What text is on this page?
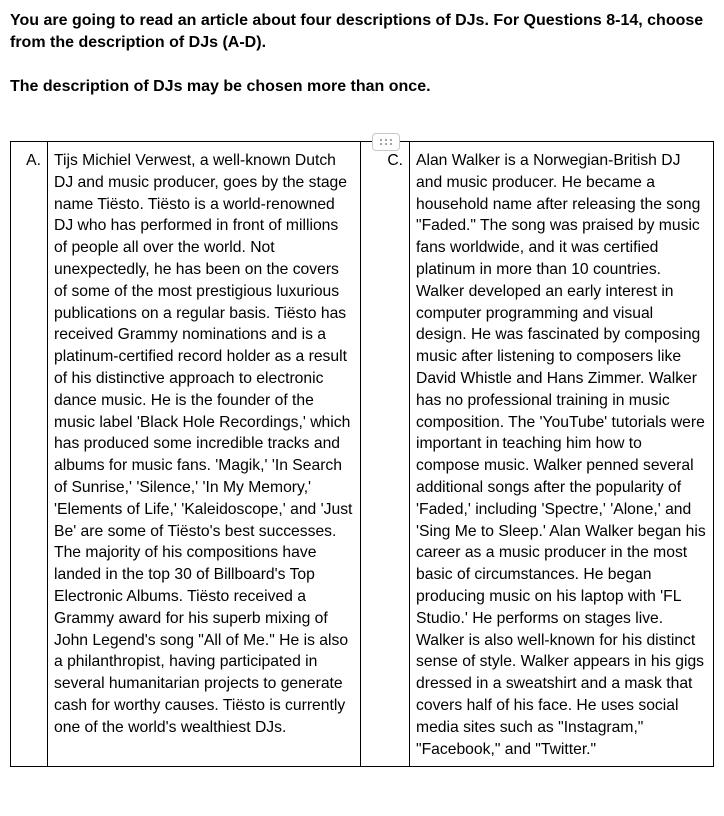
You are going to read an article about four descriptions of DJs. For Questions 8-14, choose from the description of DJs (A-D).

The description of DJs may be chosen more than once.

A.	Tijs Michiel Verwest, a well-known Dutch DJ and music producer, goes by the stage name Tiësto. Tiësto is a world-renowned DJ who has performed in front of millions of people all over the world. Not unexpectedly, he has been on the covers of some of the most prestigious luxurious publications on a regular basis. Tiësto has received Grammy nominations and is a platinum-certified record holder as a result of his distinctive approach to electronic dance music. He is the founder of the music label 'Black Hole Recordings,' which has produced some incredible tracks and albums for music fans. 'Magik,' 'In Search of Sunrise,' 'Silence,' 'In My Memory,' 'Elements of Life,' 'Kaleidoscope,' and 'Just Be' are some of Tiësto's best successes. The majority of his compositions have landed in the top 30 of Billboard's Top Electronic Albums. Tiësto received a Grammy award for his superb mixing of John Legend's song "All of Me." He is also a philanthropist, having participated in several humanitarian projects to generate cash for worthy causes. Tiësto is currently one of the world's wealthiest DJs.	C.	Alan Walker is a Norwegian-British DJ and music producer. He became a household name after releasing the song "Faded." The song was praised by music fans worldwide, and it was certified platinum in more than 10 countries. Walker developed an early interest in computer programming and visual design. He was fascinated by composing music after listening to composers like David Whistle and Hans Zimmer. Walker has no professional training in music composition. The 'YouTube' tutorials were important in teaching him how to compose music. Walker penned several additional songs after the popularity of 'Faded,' including 'Spectre,' 'Alone,' and 'Sing Me to Sleep.' Alan Walker began his career as a music producer in the most basic of circumstances. He began producing music on his laptop with 'FL Studio.' He performs on stages live. Walker is also well-known for his distinct sense of style. Walker appears in his gigs dressed in a sweatshirt and a mask that covers half of his face. He uses social media sites such as "Instagram," "Facebook," and "Twitter."
